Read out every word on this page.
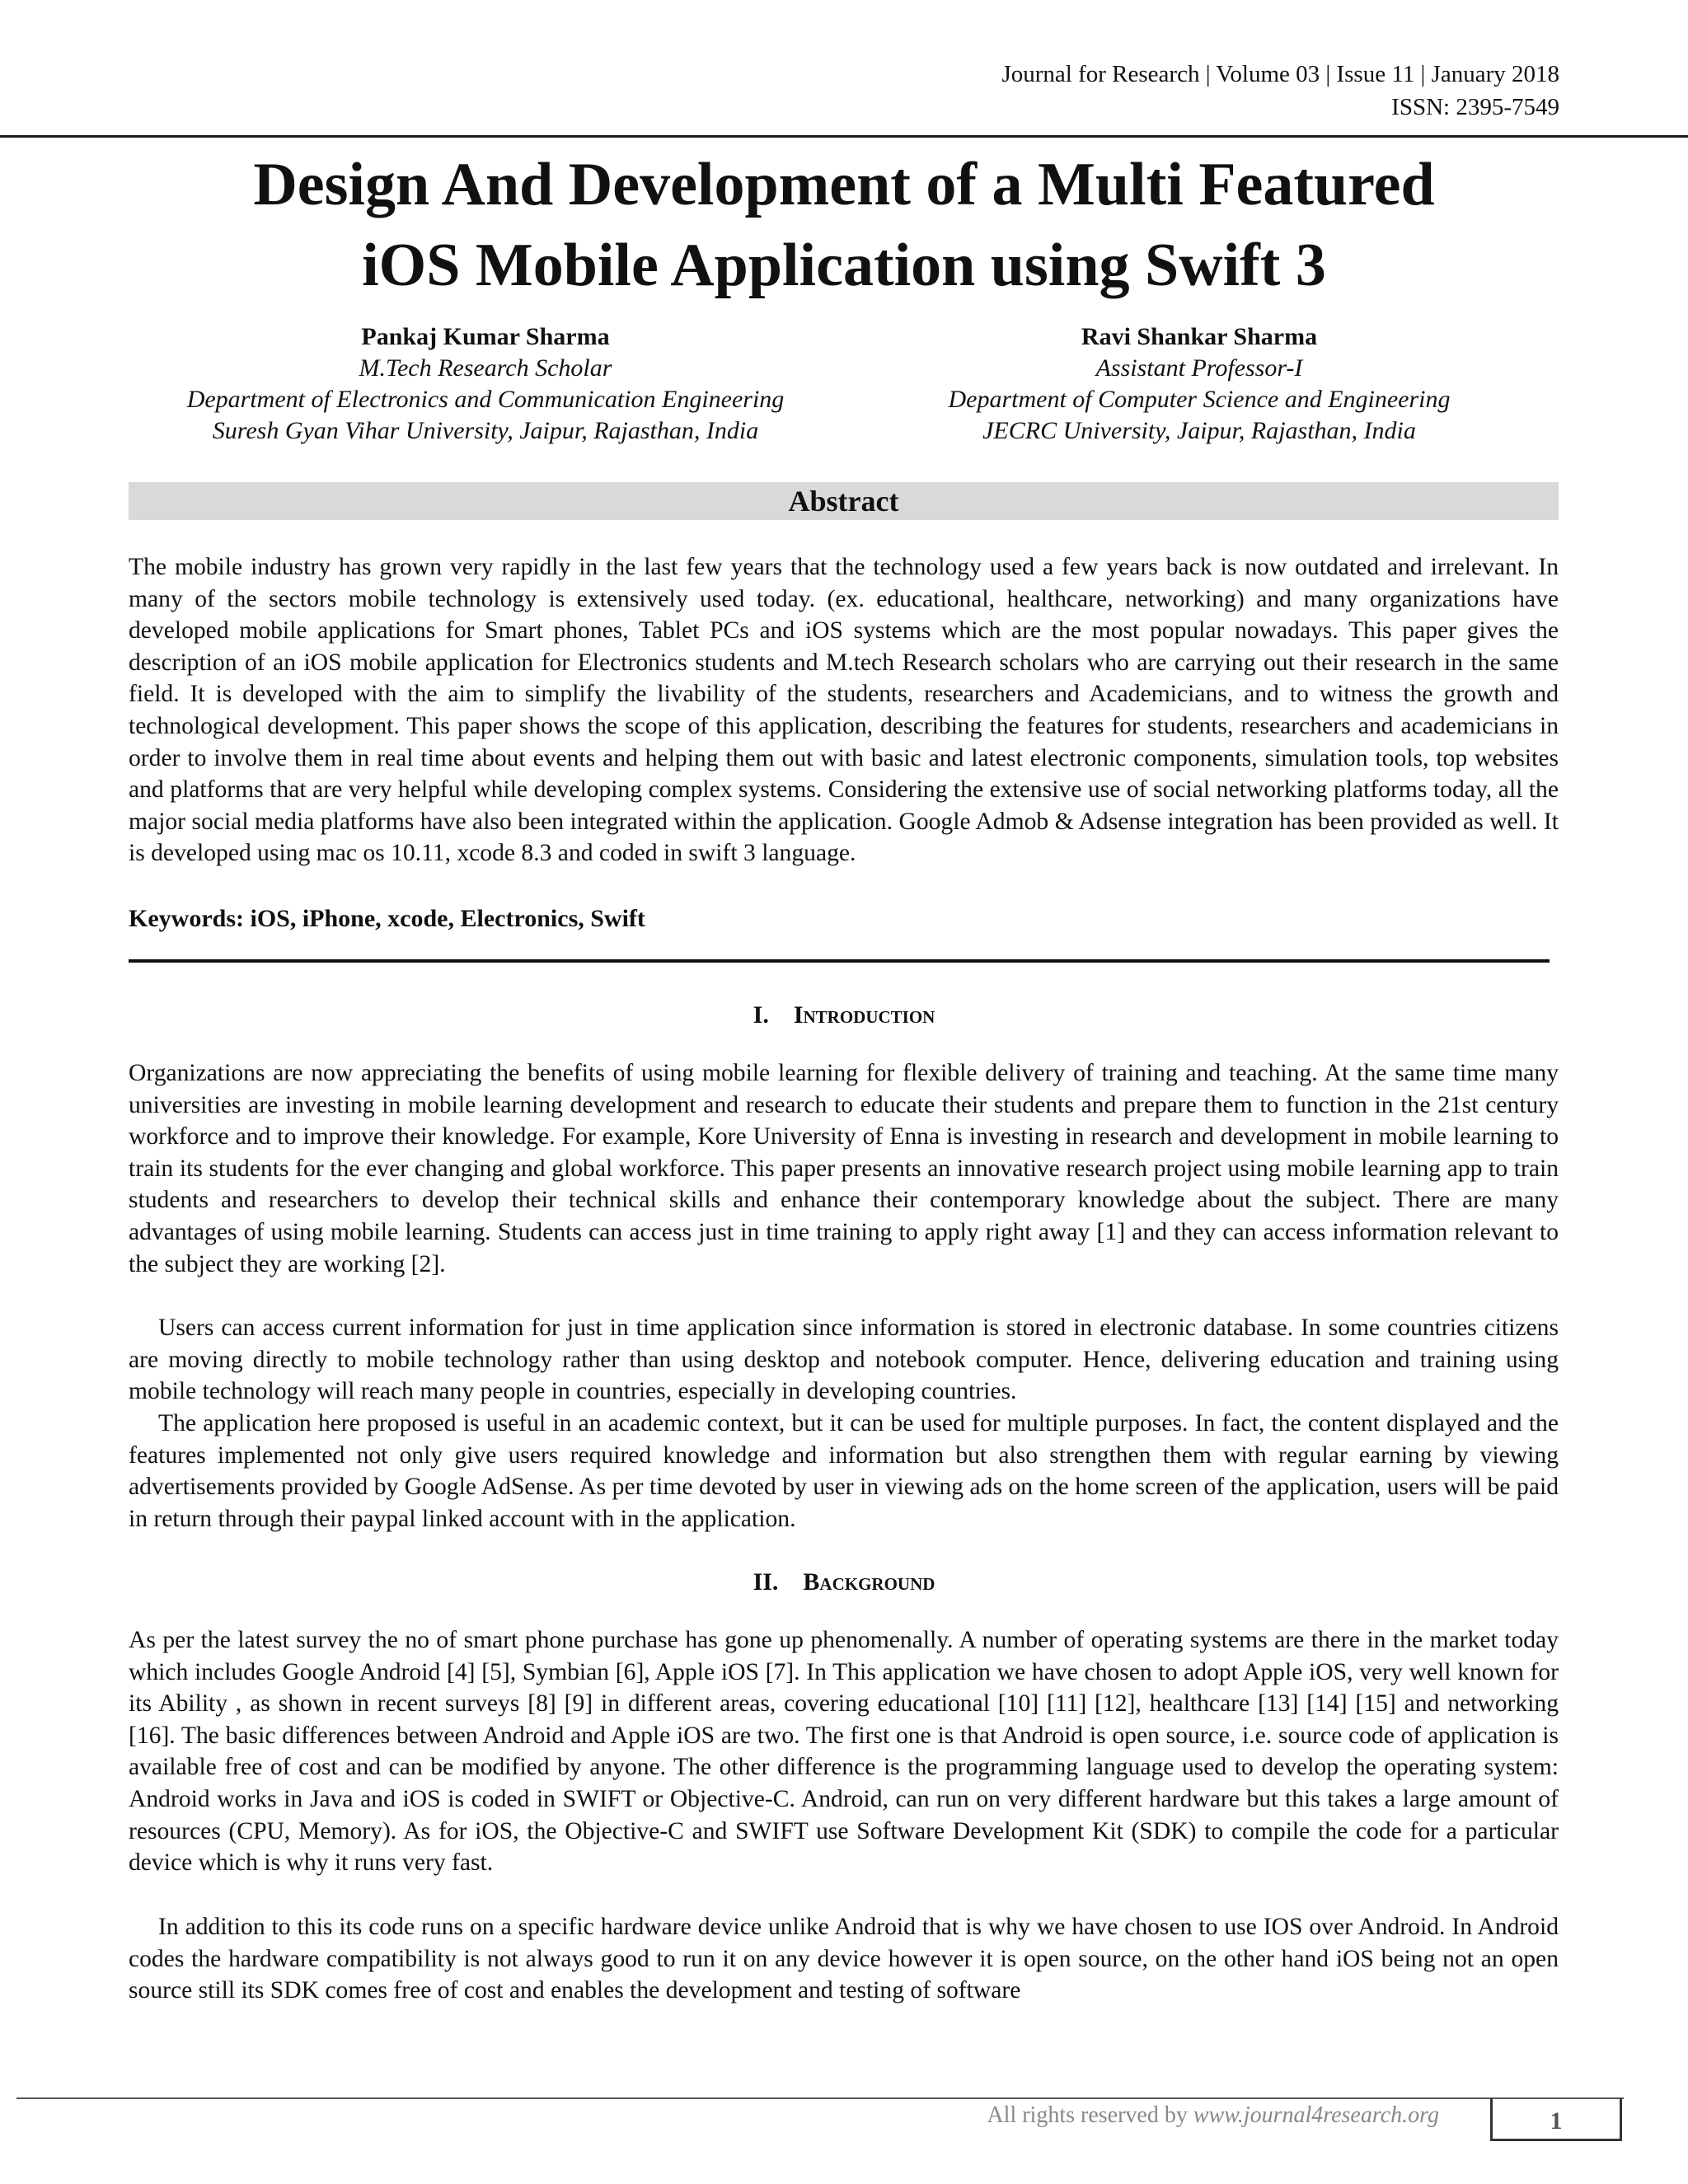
Journal for Research | Volume 03 | Issue 11 | January 2018
ISSN: 2395-7549
Design And Development of a Multi Featured
iOS Mobile Application using Swift 3
Pankaj Kumar Sharma
M.Tech Research Scholar
Department of Electronics and Communication Engineering
Suresh Gyan Vihar University, Jaipur, Rajasthan, India
Ravi Shankar Sharma
Assistant Professor-I
Department of Computer Science and Engineering
JECRC University, Jaipur, Rajasthan, India
Abstract

The mobile industry has grown very rapidly in the last few years that the technology used a few years back is now outdated and irrelevant. In many of the sectors mobile technology is extensively used today. (ex. educational, healthcare, networking) and many organizations have developed mobile applications for Smart phones, Tablet PCs and iOS systems which are the most popular nowadays. This paper gives the description of an iOS mobile application for Electronics students and M.tech Research scholars who are carrying out their research in the same field. It is developed with the aim to simplify the livability of the students, researchers and Academicians, and to witness the growth and technological development. This paper shows the scope of this application, describing the features for students, researchers and academicians in order to involve them in real time about events and helping them out with basic and latest electronic components, simulation tools, top websites and platforms that are very helpful while developing complex systems. Considering the extensive use of social networking platforms today, all the major social media platforms have also been integrated within the application. Google Admob & Adsense integration has been provided as well. It is developed using mac os 10.11, xcode 8.3 and coded in swift 3 language.

Keywords: iOS, iPhone, xcode, Electronics, Swift
I. Introduction

Organizations are now appreciating the benefits of using mobile learning for flexible delivery of training and teaching. At the same time many universities are investing in mobile learning development and research to educate their students and prepare them to function in the 21st century workforce and to improve their knowledge. For example, Kore University of Enna is investing in research and development in mobile learning to train its students for the ever changing and global workforce. This paper presents an innovative research project using mobile learning app to train students and researchers to develop their technical skills and enhance their contemporary knowledge about the subject. There are many advantages of using mobile learning. Students can access just in time training to apply right away [1] and they can access information relevant to the subject they are working [2].

Users can access current information for just in time application since information is stored in electronic database. In some countries citizens are moving directly to mobile technology rather than using desktop and notebook computer. Hence, delivering education and training using mobile technology will reach many people in countries, especially in developing countries.

The application here proposed is useful in an academic context, but it can be used for multiple purposes. In fact, the content displayed and the features implemented not only give users required knowledge and information but also strengthen them with regular earning by viewing advertisements provided by Google AdSense. As per time devoted by user in viewing ads on the home screen of the application, users will be paid in return through their paypal linked account with in the application.

II. Background

As per the latest survey the no of smart phone purchase has gone up phenomenally. A number of operating systems are there in the market today which includes Google Android [4] [5], Symbian [6], Apple iOS [7]. In This application we have chosen to adopt Apple iOS, very well known for its Ability , as shown in recent surveys [8] [9] in different areas, covering educational [10] [11] [12], healthcare [13] [14] [15] and networking [16]. The basic differences between Android and Apple iOS are two. The first one is that Android is open source, i.e. source code of application is available free of cost and can be modified by anyone. The other difference is the programming language used to develop the operating system: Android works in Java and iOS is coded in SWIFT or Objective-C. Android, can run on very different hardware but this takes a large amount of resources (CPU, Memory). As for iOS, the Objective-C and SWIFT use Software Development Kit (SDK) to compile the code for a particular device which is why it runs very fast.

In addition to this its code runs on a specific hardware device unlike Android that is why we have chosen to use IOS over Android. In Android codes the hardware compatibility is not always good to run it on any device however it is open source, on the other hand iOS being not an open source still its SDK comes free of cost and enables the development and testing of software

All rights reserved by www.journal4research.org	1
